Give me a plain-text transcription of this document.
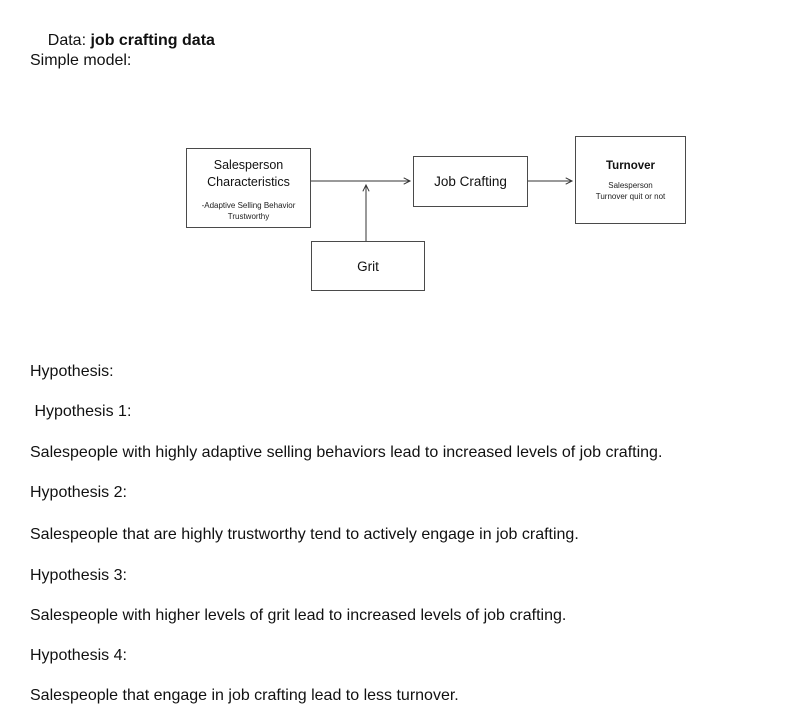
Data: job crafting data

Simple model:
Salesperson
Characteristics
-Adaptive Selling Behavior
Trustworthy
Job Crafting
Turnover
Salesperson
Turnover quit or not
Grit
Hypothesis:
Hypothesis 1:
Salespeople with highly adaptive selling behaviors lead to increased levels of job crafting.
Hypothesis 2:
Salespeople that are highly trustworthy tend to actively engage in job crafting.
Hypothesis 3:
Salespeople with higher levels of grit lead to increased levels of job crafting.
Hypothesis 4:
Salespeople that engage in job crafting lead to less turnover.
